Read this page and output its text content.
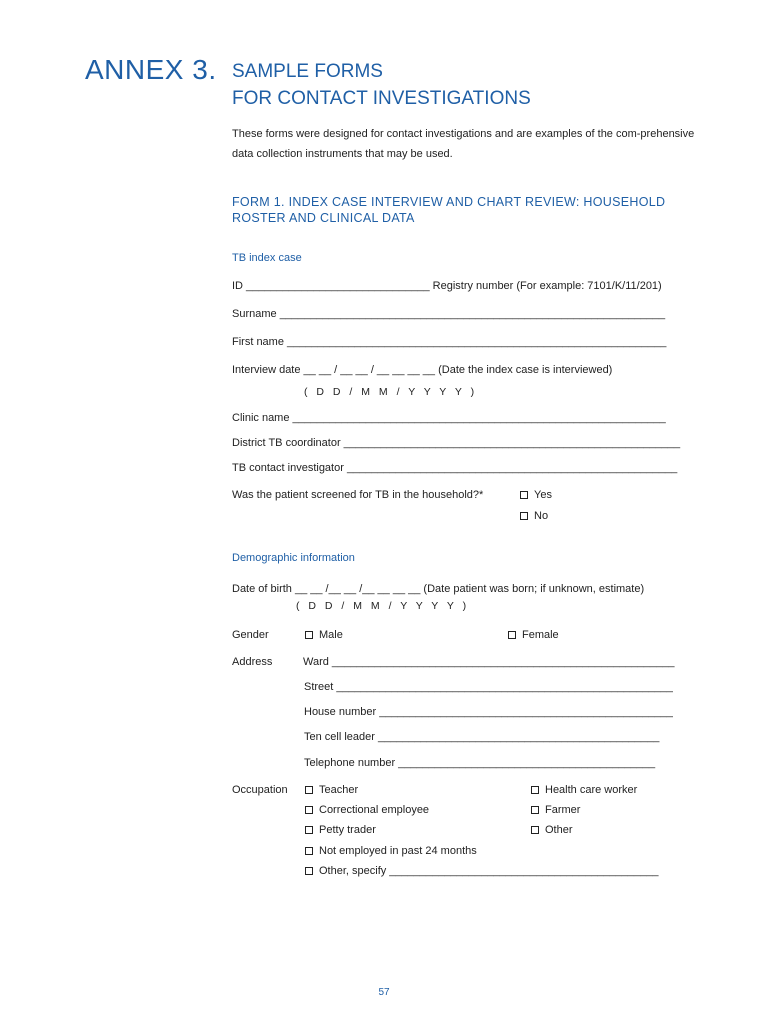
ANNEX 3. SAMPLE FORMS
FOR CONTACT INVESTIGATIONS
These forms were designed for contact investigations and are examples of the com-prehensive data collection instruments that may be used.
FORM 1. INDEX CASE INTERVIEW AND CHART REVIEW: HOUSEHOLD ROSTER AND CLINICAL DATA
TB index case
ID ______________________________ Registry number (For example: 7101/K/11/201)
Surname _______________________________________________________________
First name ______________________________________________________________
Interview date __ __ / __ __ / __ __ __ __ (Date the index case is interviewed)
( D D / M M / Y Y Y Y )
Clinic name _____________________________________________________________
District TB coordinator _______________________________________________________
TB contact investigator ______________________________________________________
Was the patient screened for TB in the household?*	Yes
No
Demographic information
Date of birth __ __ /__ __ /__ __ __ __ (Date patient was born; if unknown, estimate)
( D D / M M / Y Y Y Y )
Gender	Male	Female
Address	Ward ________________________________________________________
Street _______________________________________________________
House number ________________________________________________
Ten cell leader ______________________________________________
Telephone number __________________________________________
Occupation	Teacher	Health care worker
Correctional employee	Farmer
Petty trader	Other
Not employed in past 24 months
Other, specify ____________________________________________
57
